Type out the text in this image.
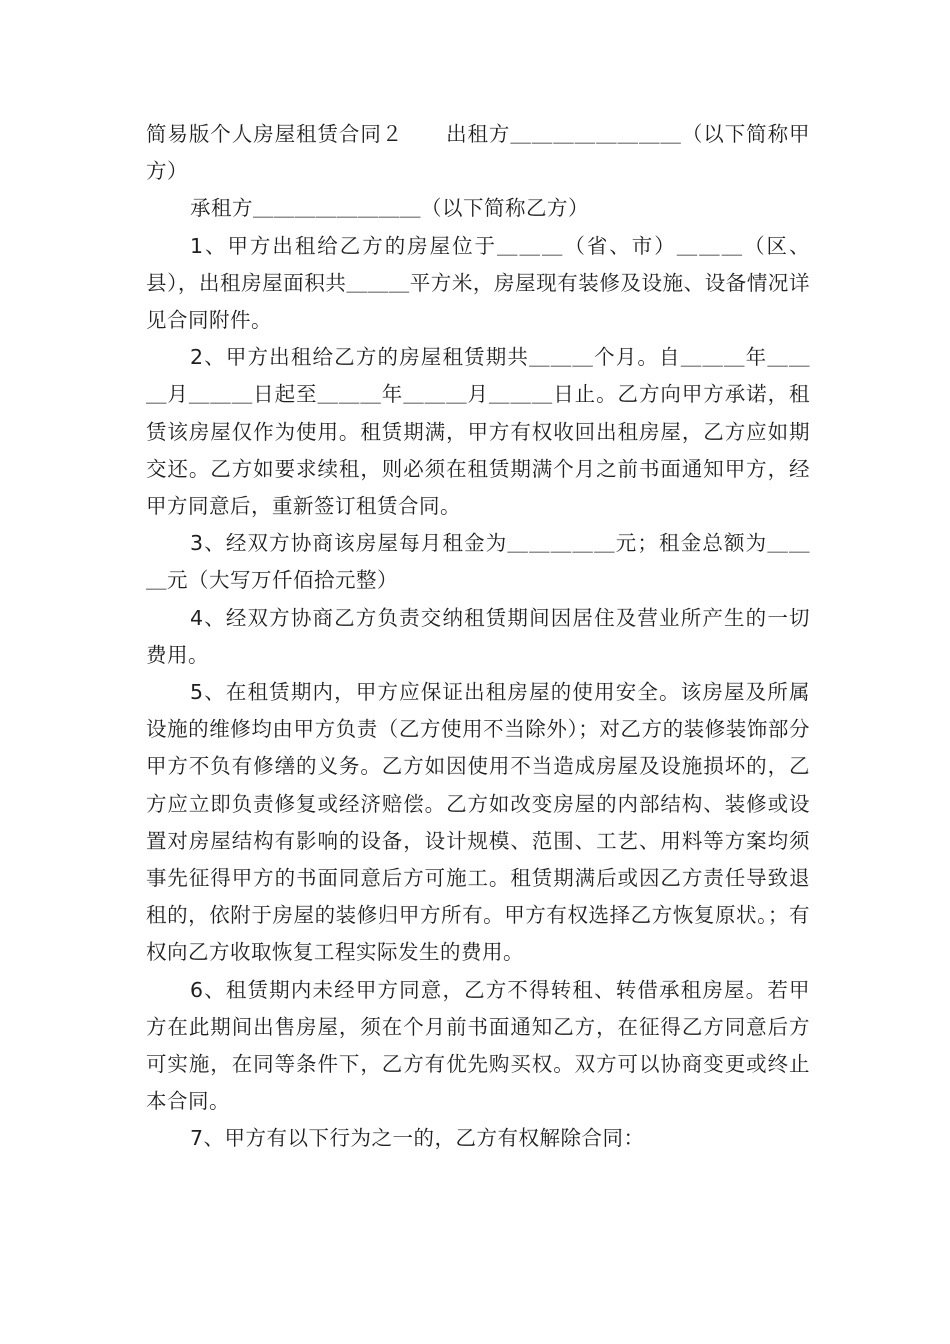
简易版个人房屋租赁合同２　　出租方＿＿＿＿＿＿＿＿（以下简称甲方）

承租方＿＿＿＿＿＿＿＿（以下简称乙方）

1、甲方出租给乙方的房屋位于＿＿＿（省、市）＿＿＿（区、县），出租房屋面积共＿＿＿平方米，房屋现有装修及设施、设备情况详见合同附件。

2、甲方出租给乙方的房屋租赁期共＿＿＿个月。自＿＿＿年＿＿＿月＿＿＿日起至＿＿＿年＿＿＿月＿＿＿日止。乙方向甲方承诺，租赁该房屋仅作为使用。租赁期满，甲方有权收回出租房屋，乙方应如期交还。乙方如要求续租，则必须在租赁期满个月之前书面通知甲方，经甲方同意后，重新签订租赁合同。

3、经双方协商该房屋每月租金为＿＿＿＿＿元；租金总额为＿＿＿元（大写万仟佰拾元整）

4、经双方协商乙方负责交纳租赁期间因居住及营业所产生的一切费用。

5、在租赁期内，甲方应保证出租房屋的使用安全。该房屋及所属设施的维修均由甲方负责（乙方使用不当除外）；对乙方的装修装饰部分甲方不负有修缮的义务。乙方如因使用不当造成房屋及设施损坏的，乙方应立即负责修复或经济赔偿。乙方如改变房屋的内部结构、装修或设置对房屋结构有影响的设备，设计规模、范围、工艺、用料等方案均须事先征得甲方的书面同意后方可施工。租赁期满后或因乙方责任导致退租的，依附于房屋的装修归甲方所有。甲方有权选择乙方恢复原状。；有权向乙方收取恢复工程实际发生的费用。

6、租赁期内未经甲方同意，乙方不得转租、转借承租房屋。若甲方在此期间出售房屋，须在个月前书面通知乙方，在征得乙方同意后方可实施，在同等条件下，乙方有优先购买权。双方可以协商变更或终止本合同。

7、甲方有以下行为之一的，乙方有权解除合同：
